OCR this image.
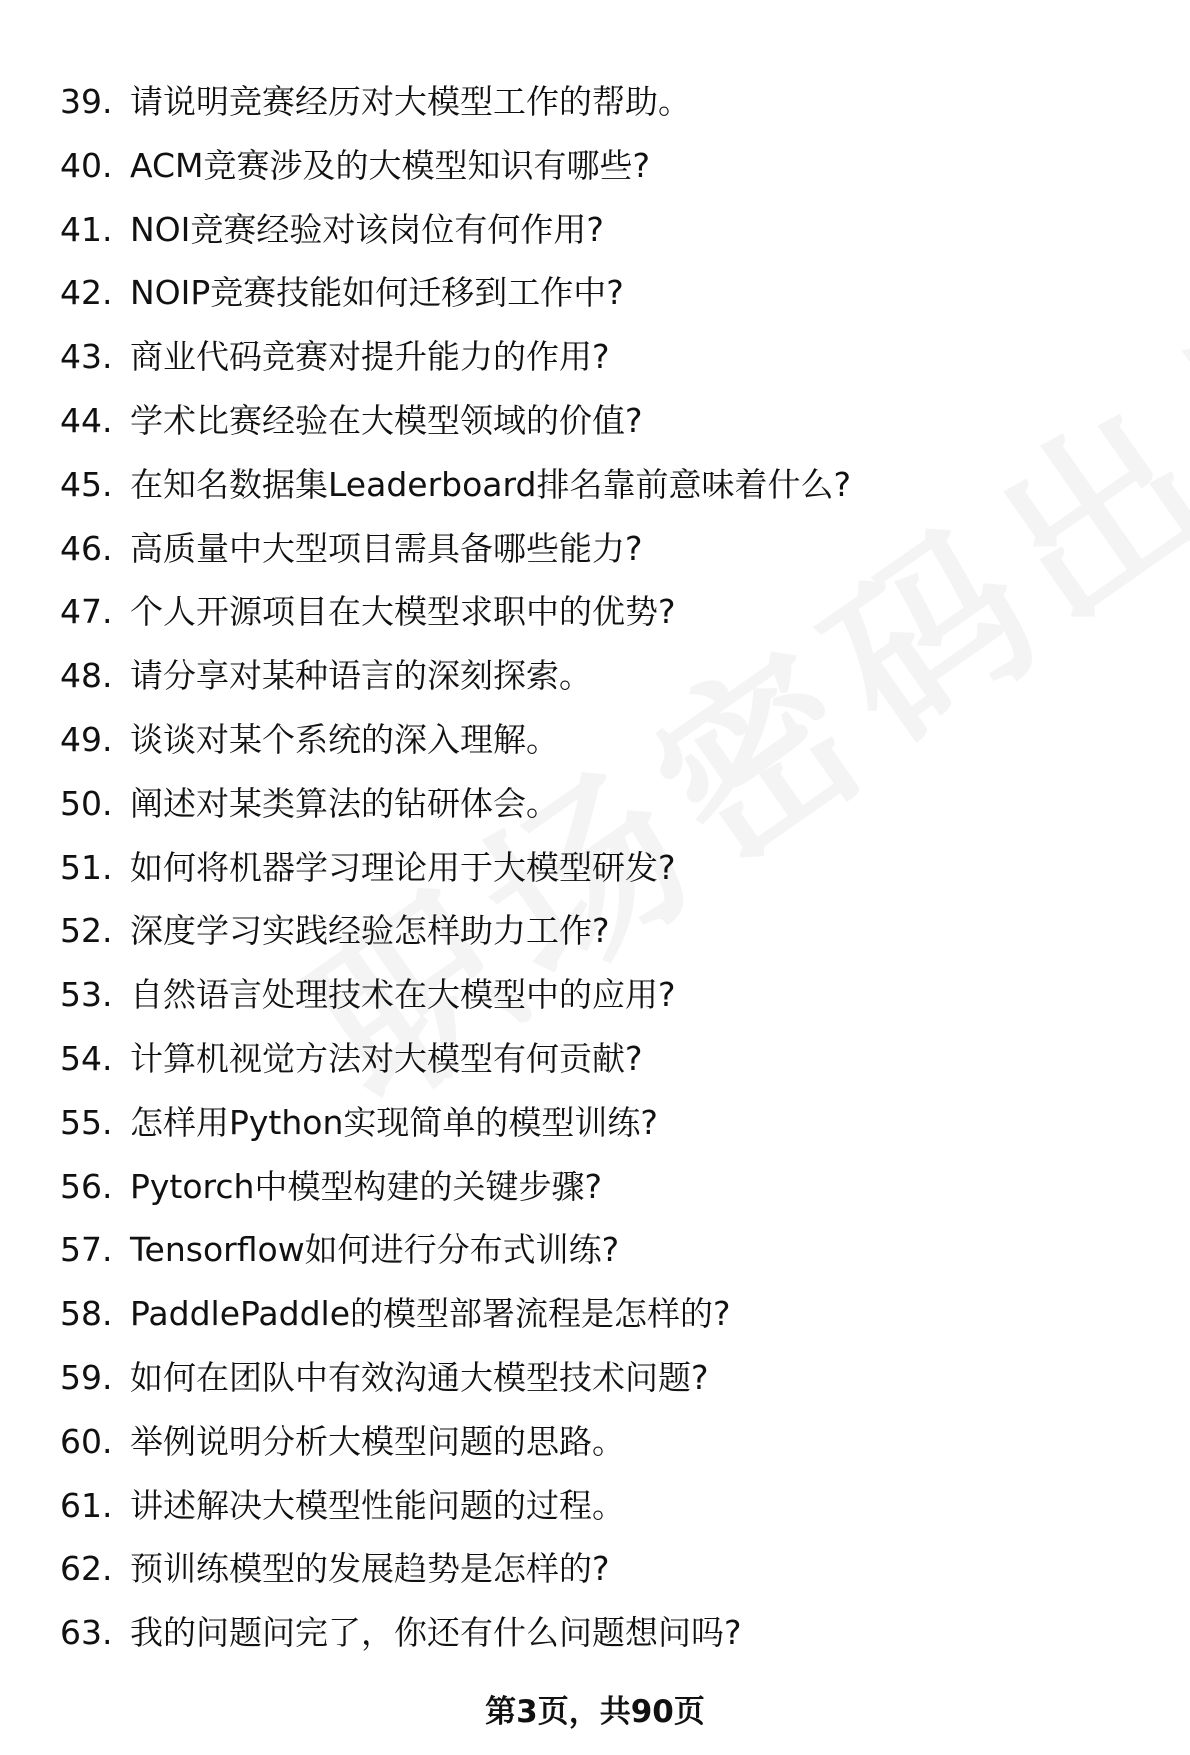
39. 请说明竞赛经历对大模型工作的帮助。
40. ACM竞赛涉及的大模型知识有哪些?
41. NOI竞赛经验对该岗位有何作用?
42. NOIP竞赛技能如何迁移到工作中?
43. 商业代码竞赛对提升能力的作用?
44. 学术比赛经验在大模型领域的价值?
45. 在知名数据集Leaderboard排名靠前意味着什么?
46. 高质量中大型项目需具备哪些能力?
47. 个人开源项目在大模型求职中的优势?
48. 请分享对某种语言的深刻探索。
49. 谈谈对某个系统的深入理解。
50. 阐述对某类算法的钻研体会。
51. 如何将机器学习理论用于大模型研发?
52. 深度学习实践经验怎样助力工作?
53. 自然语言处理技术在大模型中的应用?
54. 计算机视觉方法对大模型有何贡献?
55. 怎样用Python实现简单的模型训练?
56. Pytorch中模型构建的关键步骤?
57. Tensorflow如何进行分布式训练?
58. PaddlePaddle的模型部署流程是怎样的?
59. 如何在团队中有效沟通大模型技术问题?
60. 举例说明分析大模型问题的思路。
61. 讲述解决大模型性能问题的过程。
62. 预训练模型的发展趋势是怎样的?
63. 我的问题问完了，你还有什么问题想问吗?
第3页，共90页
